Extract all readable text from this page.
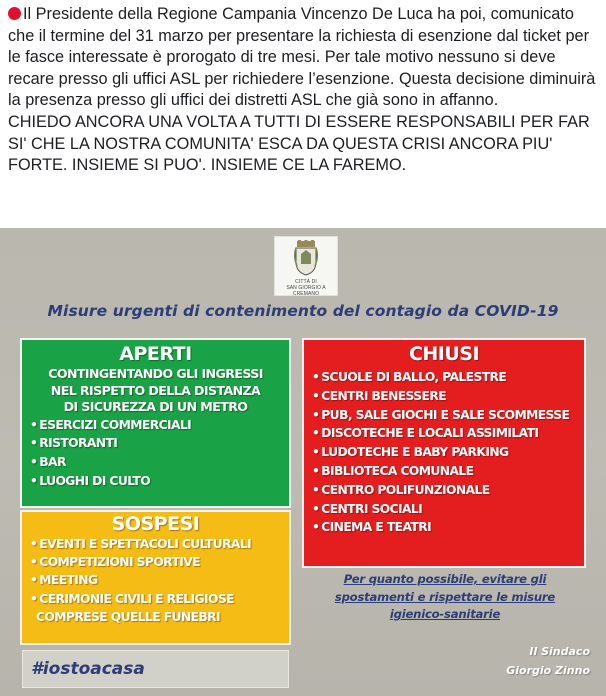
Il Presidente della Regione Campania Vincenzo De Luca ha poi, comunicato che il termine del 31 marzo per presentare la richiesta di esenzione dal ticket per le fasce interessate è prorogato di tre mesi. Per tale motivo nessuno si deve recare presso gli uffici ASL per richiedere l’esenzione. Questa decisione diminuirà la presenza presso gli uffici dei distretti ASL che già sono in affanno.

CHIEDO ANCORA UNA VOLTA A TUTTI DI ESSERE RESPONSABILI PER FAR SI' CHE LA NOSTRA COMUNITA' ESCA DA QUESTA CRISI ANCORA PIU' FORTE. INSIEME SI PUO'. INSIEME CE LA FAREMO.

CITTÀ DI
SAN GIORGIO A CREMANO
Misure urgenti di contenimento del contagio da COVID-19
APERTI
CONTINGENTANDO GLI INGRESSI
NEL RISPETTO DELLA DISTANZA
DI SICUREZZA DI UN METRO
• ESERCIZI COMMERCIALI
• RISTORANTI
• BAR
• LUOGHI DI CULTO
CHIUSI
• SCUOLE DI BALLO, PALESTRE
• CENTRI BENESSERE
• PUB, SALE GIOCHI E SALE SCOMMESSE
• DISCOTECHE E LOCALI ASSIMILATI
• LUDOTECHE E BABY PARKING
• BIBLIOTECA COMUNALE
• CENTRO POLIFUNZIONALE
• CENTRI SOCIALI
• CINEMA E TEATRI
SOSPESI
• EVENTI E SPETTACOLI CULTURALI
• COMPETIZIONI SPORTIVE
• MEETING
• CERIMONIE CIVILI E RELIGIOSE
COMPRESE QUELLE FUNEBRI
Per quanto possibile, evitare gli
spostamenti e rispettare le misure
igienico-sanitarie
#iostoacasa
Il Sindaco
Giorgio Zinno
